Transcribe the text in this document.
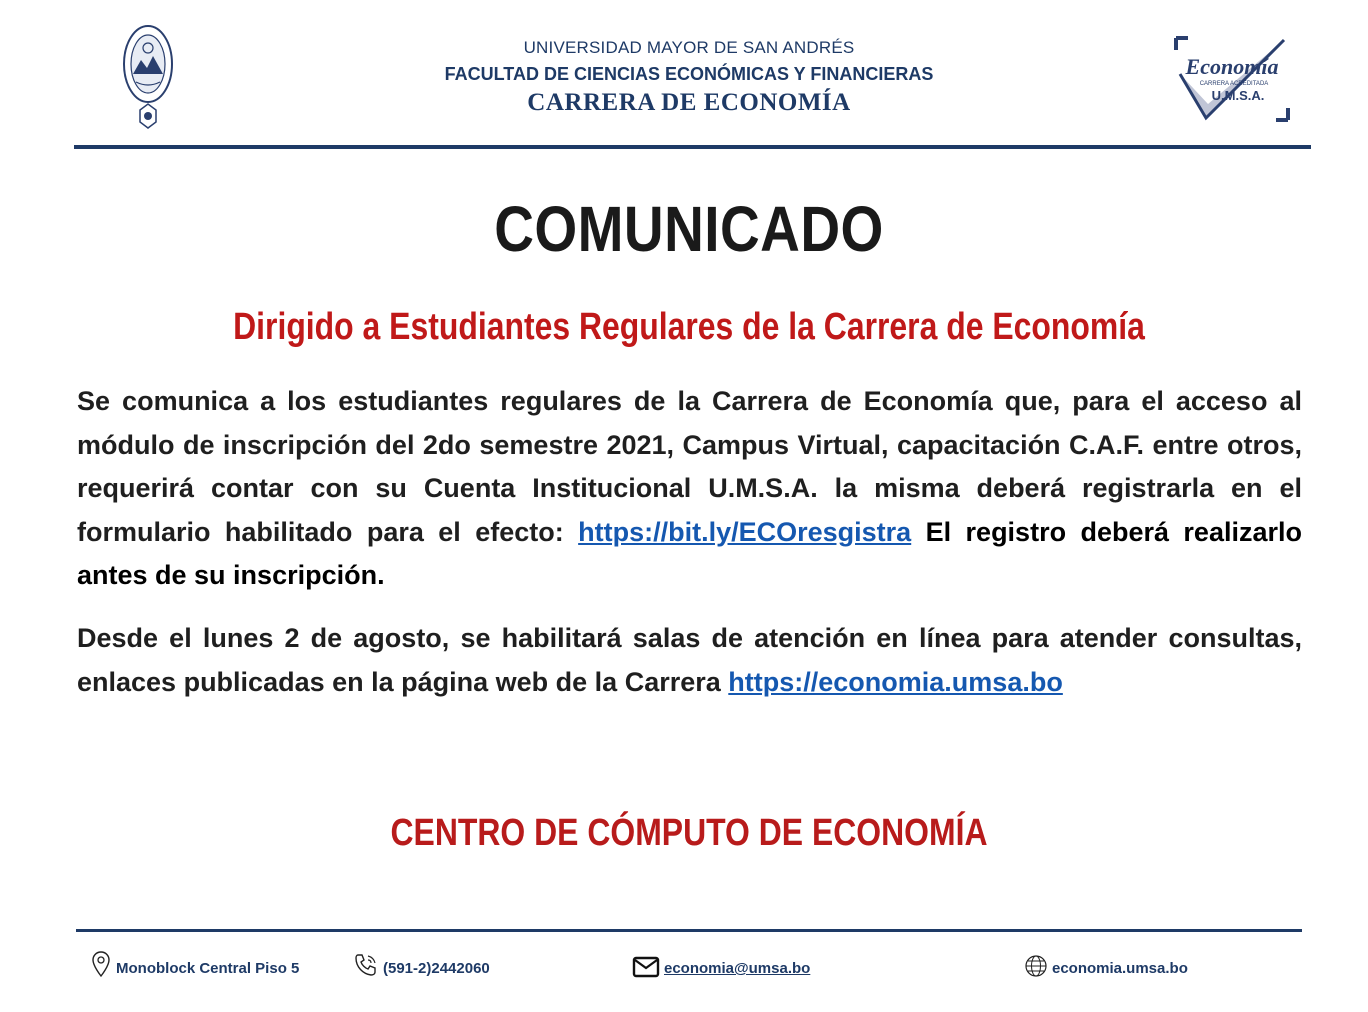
UNIVERSIDAD MAYOR DE SAN ANDRÉS
FACULTAD DE CIENCIAS ECONÓMICAS Y FINANCIERAS
CARRERA DE ECONOMÍA
Economía
CARRERA ACREDITADA
U.M.S.A.
COMUNICADO
Dirigido a Estudiantes Regulares de la Carrera de Economía
Se comunica a los estudiantes regulares de la Carrera de Economía que, para el acceso al módulo de inscripción del 2do semestre 2021, Campus Virtual, capacitación C.A.F. entre otros, requerirá contar con su Cuenta Institucional U.M.S.A. la misma deberá registrarla en el formulario habilitado para el efecto: https://bit.ly/ECOresgistra El registro deberá realizarlo antes de su inscripción.
Desde el lunes 2 de agosto, se habilitará salas de atención en línea para atender consultas, enlaces publicadas en la página web de la Carrera https://economia.umsa.bo
CENTRO DE CÓMPUTO DE ECONOMÍA
Monoblock Central Piso 5	(591-2)2442060	economia@umsa.bo	economia.umsa.bo
